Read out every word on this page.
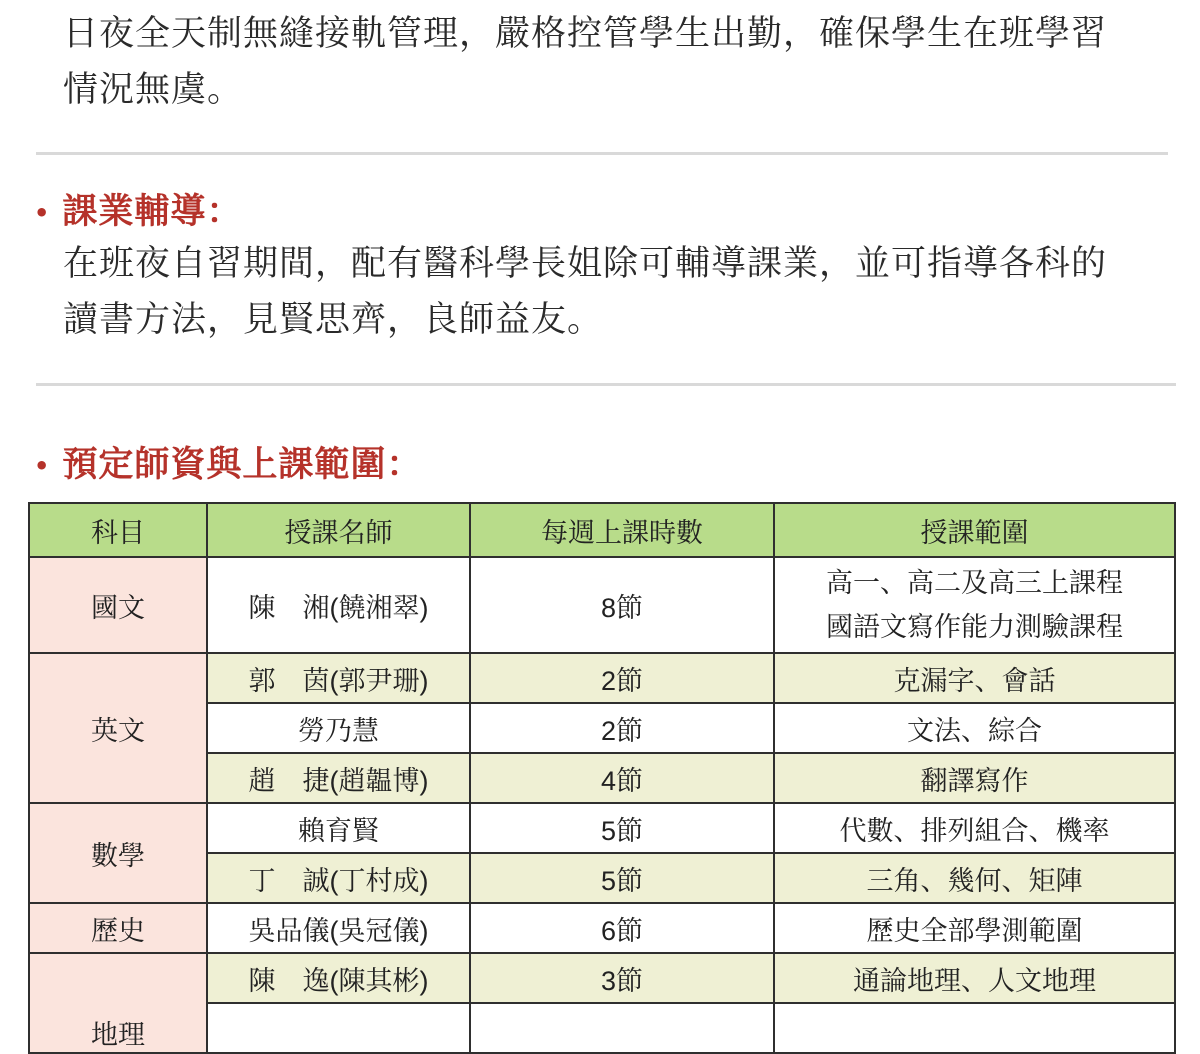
日夜全天制無縫接軌管理，嚴格控管學生出勤，確保學生在班學習
情況無虞。

• 課業輔導：

在班夜自習期間，配有醫科學長姐除可輔導課業，並可指導各科的
讀書方法，見賢思齊，良師益友。

• 預定師資與上課範圍：
科目	授課名師	每週上課時數	授課範圍
國文	陳　湘(饒湘翠)	8節	高一、高二及高三上課程
國語文寫作能力測驗課程

英文	郭　茵(郭尹珊)	2節	克漏字、會話
	勞乃慧	2節	文法、綜合
	趙　捷(趙韞博)	4節	翻譯寫作
數學	賴育賢	5節	代數、排列組合、機率
	丁　誠(丁村成)	5節	三角、幾何、矩陣
歷史	吳品儀(吳冠儀)	6節	歷史全部學測範圍
地理	陳　逸(陳其彬)	3節	通論地理、人文地理
